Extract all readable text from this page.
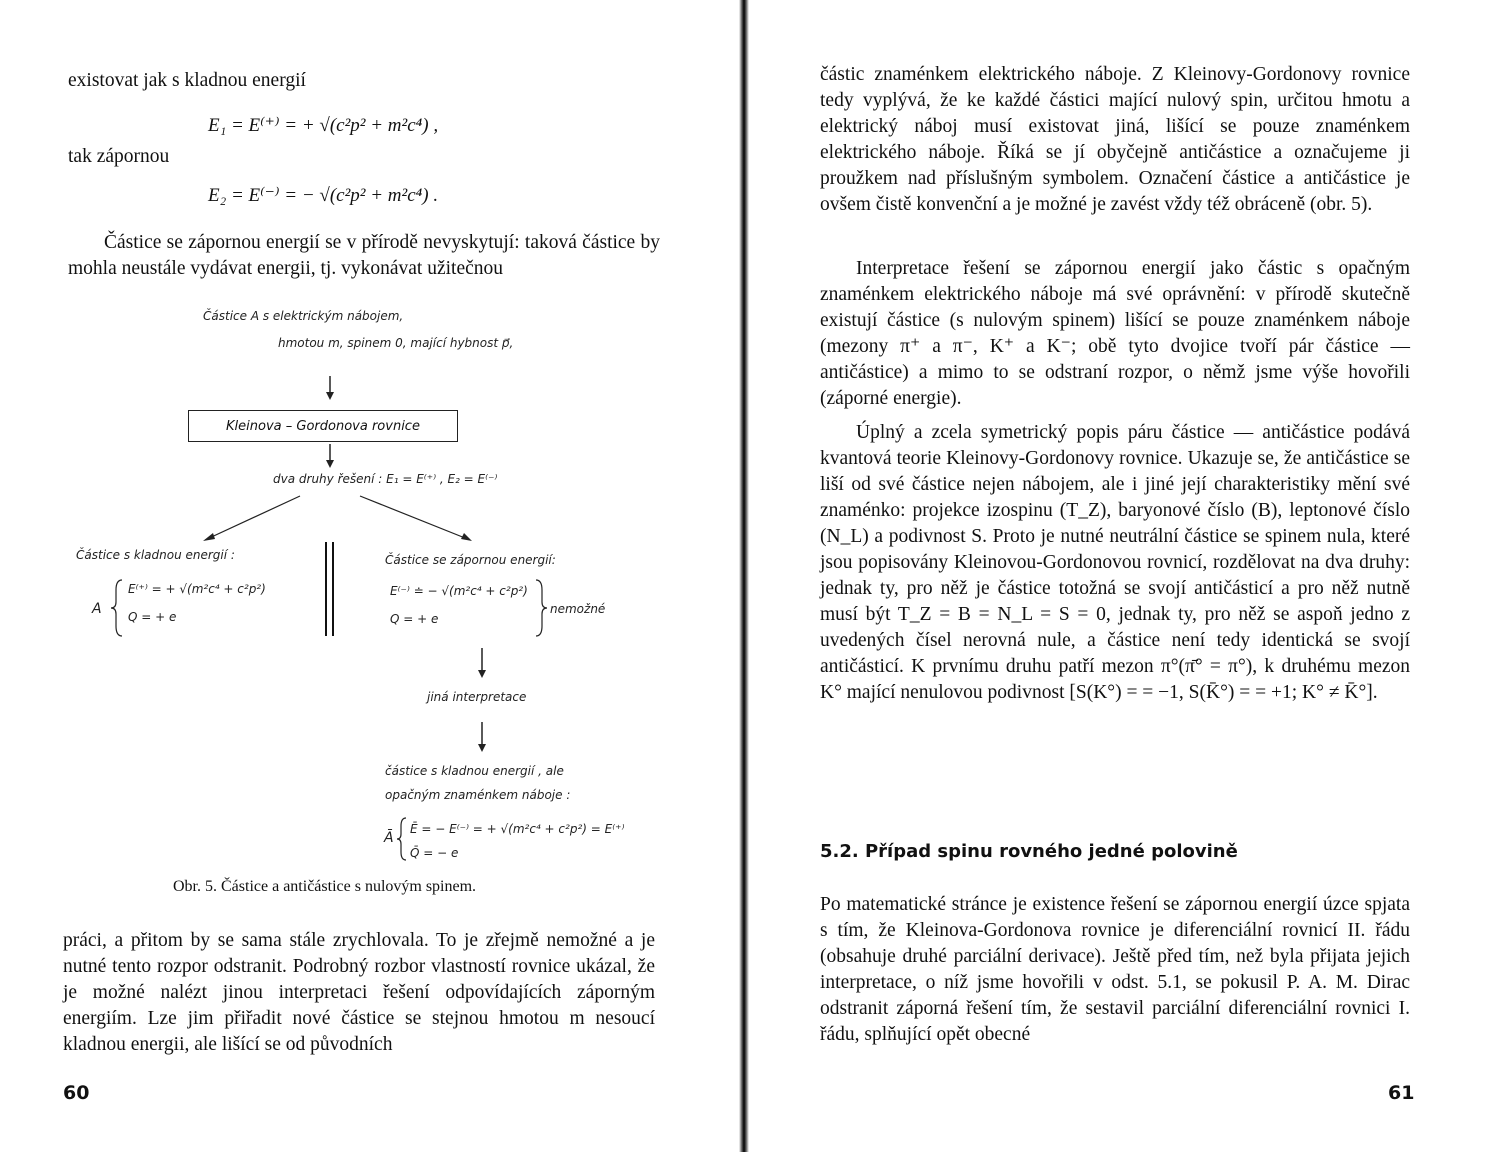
existovat jak s kladnou energií

E₁ = E⁽⁺⁾ = + √(c²p² + m²c⁴) ,

tak zápornou

E₂ = E⁽⁻⁾ = − √(c²p² + m²c⁴) .

Částice se zápornou energií se v přírodě nevyskytují: taková částice by mohla neustále vydávat energii, tj. vykonávat užitečnou

Částice A s elektrickým nábojem,
hmotou m, spinem 0, mající hybnost p⃗,
Kleinova – Gordonova rovnice
dva druhy řešení : E₁ = E⁽⁺⁾ , E₂ = E⁽⁻⁾
Částice s kladnou energií :
A
E⁽⁺⁾ = + √(m²c⁴ + c²p²)
Q = + e
Částice se zápornou energií:
E⁽⁻⁾ ≐ − √(m²c⁴ + c²p²)
Q = + e
nemožné
jiná interpretace
částice s kladnou energií , ale
opačným znaménkem náboje :
Ā
Ē = − E⁽⁻⁾ = + √(m²c⁴ + c²p²) = E⁽⁺⁾
Q̄ = − e
Obr. 5. Částice a antičástice s nulovým spinem.

práci, a přitom by se sama stále zrychlovala. To je zřejmě nemožné a je nutné tento rozpor odstranit. Podrobný rozbor vlastností rovnice ukázal, že je možné nalézt jinou interpretaci řešení odpovídajících záporným energiím. Lze jim přiřadit nové částice se stejnou hmotou m nesoucí kladnou energii, ale lišící se od původních

60

částic znaménkem elektrického náboje. Z Kleinovy-Gordonovy rovnice tedy vyplývá, že ke každé částici mající nulový spin, určitou hmotu a elektrický náboj musí existovat jiná, lišící se pouze znaménkem elektrického náboje. Říká se jí obyčejně antičástice a označujeme ji proužkem nad příslušným symbolem. Označení částice a antičástice je ovšem čistě konvenční a je možné je zavést vždy též obráceně (obr. 5).

Interpretace řešení se zápornou energií jako částic s opačným znaménkem elektrického náboje má své oprávnění: v přírodě skutečně existují částice (s nulovým spinem) lišící se pouze znaménkem náboje (mezony π⁺ a π⁻, K⁺ a K⁻; obě tyto dvojice tvoří pár částice — antičástice) a mimo to se odstraní rozpor, o němž jsme výše hovořili (záporné energie).

Úplný a zcela symetrický popis páru částice — antičástice podává kvantová teorie Kleinovy-Gordonovy rovnice. Ukazuje se, že antičástice se liší od své částice nejen nábojem, ale i jiné její charakteristiky mění své znaménko: projekce izospinu (T_Z), baryonové číslo (B), leptonové číslo (N_L) a podivnost S. Proto je nutné neutrální částice se spinem nula, které jsou popisovány Kleinovou-Gordonovou rovnicí, rozdělovat na dva druhy: jednak ty, pro něž je částice totožná se svojí antičásticí a pro něž nutně musí být T_Z = B = N_L = S = 0, jednak ty, pro něž se aspoň jedno z uvedených čísel nerovná nule, a částice není tedy identická se svojí antičásticí. K prvnímu druhu patří mezon π°(π̄° = π°), k druhému mezon K° mající nenulovou podivnost [S(K°) = = −1, S(K̄°) = = +1; K° ≠ K̄°].

5.2. Případ spinu rovného jedné polovině

Po matematické stránce je existence řešení se zápornou energií úzce spjata s tím, že Kleinova-Gordonova rovnice je diferenciální rovnicí II. řádu (obsahuje druhé parciální derivace). Ještě před tím, než byla přijata jejich interpretace, o níž jsme hovořili v odst. 5.1, se pokusil P. A. M. Dirac odstranit záporná řešení tím, že sestavil parciální diferenciální rovnici I. řádu, splňující opět obecné

61
